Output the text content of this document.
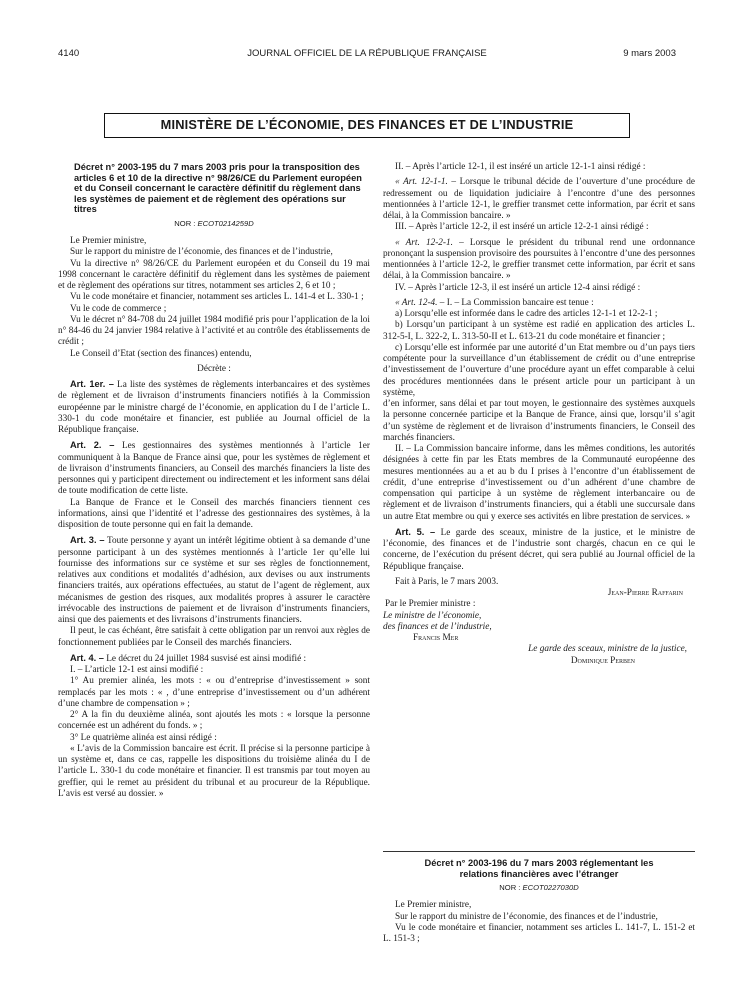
4140	JOURNAL OFFICIEL DE LA RÉPUBLIQUE FRANÇAISE	9 mars 2003
MINISTÈRE DE L’ÉCONOMIE, DES FINANCES ET DE L’INDUSTRIE
Décret n° 2003-195 du 7 mars 2003 pris pour la transposition des articles 6 et 10 de la directive n° 98/26/CE du Parlement européen et du Conseil concernant le caractère définitif du règlement dans les systèmes de paiement et de règlement des opérations sur titres
NOR : ECOT0214259D

Le Premier ministre,

Sur le rapport du ministre de l’économie, des finances et de l’industrie,

Vu la directive n° 98/26/CE du Parlement européen et du Conseil du 19 mai 1998 concernant le caractère définitif du règlement dans les systèmes de paiement et de règlement des opérations sur titres, notamment ses articles 2, 6 et 10 ;

Vu le code monétaire et financier, notamment ses articles L. 141-4 et L. 330-1 ;

Vu le code de commerce ;

Vu le décret n° 84-708 du 24 juillet 1984 modifié pris pour l’application de la loi n° 84-46 du 24 janvier 1984 relative à l’activité et au contrôle des établissements de crédit ;

Le Conseil d’Etat (section des finances) entendu,

Décrète :

Art. 1er. – La liste des systèmes de règlements interbancaires et des systèmes de règlement et de livraison d’instruments financiers notifiés à la Commission européenne par le ministre chargé de l’économie, en application du I de l’article L. 330-1 du code monétaire et financier, est publiée au Journal officiel de la République française.

Art. 2. – Les gestionnaires des systèmes mentionnés à l’article 1er communiquent à la Banque de France ainsi que, pour les systèmes de règlement et de livraison d’instruments financiers, au Conseil des marchés financiers la liste des personnes qui y participent directement ou indirectement et les informent sans délai de toute modification de cette liste.

La Banque de France et le Conseil des marchés financiers tiennent ces informations, ainsi que l’identité et l’adresse des gestionnaires des systèmes, à la disposition de toute personne qui en fait la demande.

Art. 3. – Toute personne y ayant un intérêt légitime obtient à sa demande d’une personne participant à un des systèmes mentionnés à l’article 1er qu’elle lui fournisse des informations sur ce système et sur ses règles de fonctionnement, relatives aux conditions et modalités d’adhésion, aux devises ou aux instruments financiers traités, aux opérations effectuées, au statut de l’agent de règlement, aux mécanismes de gestion des risques, aux modalités propres à assurer le caractère irrévocable des instructions de paiement et de livraison d’instruments financiers, ainsi que des paiements et des livraisons d’instruments financiers.

Il peut, le cas échéant, être satisfait à cette obligation par un renvoi aux règles de fonctionnement publiées par le Conseil des marchés financiers.

Art. 4. – Le décret du 24 juillet 1984 susvisé est ainsi modifié :

I. – L’article 12-1 est ainsi modifié :

1° Au premier alinéa, les mots : « ou d’entreprise d’investissement » sont remplacés par les mots : « , d’une entreprise d’investissement ou d’un adhérent d’une chambre de compensation » ;

2° A la fin du deuxième alinéa, sont ajoutés les mots : « lorsque la personne concernée est un adhérent du fonds. » ;

3° Le quatrième alinéa est ainsi rédigé :

« L’avis de la Commission bancaire est écrit. Il précise si la personne participe à un système et, dans ce cas, rappelle les dispositions du troisième alinéa du I de l’article L. 330-1 du code monétaire et financier. Il est transmis par tout moyen au greffier, qui le remet au président du tribunal et au procureur de la République. L’avis est versé au dossier. »

II. – Après l’article 12-1, il est inséré un article 12-1-1 ainsi rédigé :

« Art. 12-1-1. – Lorsque le tribunal décide de l’ouverture d’une procédure de redressement ou de liquidation judiciaire à l’encontre d’une des personnes mentionnées à l’article 12-1, le greffier transmet cette information, par écrit et sans délai, à la Commission bancaire. »

III. – Après l’article 12-2, il est inséré un article 12-2-1 ainsi rédigé :

« Art. 12-2-1. – Lorsque le président du tribunal rend une ordonnance prononçant la suspension provisoire des poursuites à l’encontre d’une des personnes mentionnées à l’article 12-2, le greffier transmet cette information, par écrit et sans délai, à la Commission bancaire. »

IV. – Après l’article 12-3, il est inséré un article 12-4 ainsi rédigé :

« Art. 12-4. – I. – La Commission bancaire est tenue :

a) Lorsqu’elle est informée dans le cadre des articles 12-1-1 et 12-2-1 ;

b) Lorsqu’un participant à un système est radié en application des articles L. 312-5-I, L. 322-2, L. 313-50-II et L. 613-21 du code monétaire et financier ;

c) Lorsqu’elle est informée par une autorité d’un Etat membre ou d’un pays tiers compétente pour la surveillance d’un établissement de crédit ou d’une entreprise d’investissement de l’ouverture d’une procédure ayant un effet comparable à celui des procédures mentionnées dans le présent article pour un participant à un système,

d’en informer, sans délai et par tout moyen, le gestionnaire des systèmes auxquels la personne concernée participe et la Banque de France, ainsi que, lorsqu’il s’agit d’un système de règlement et de livraison d’instruments financiers, le Conseil des marchés financiers.

II. – La Commission bancaire informe, dans les mêmes conditions, les autorités désignées à cette fin par les Etats membres de la Communauté européenne des mesures mentionnées au a et au b du I prises à l’encontre d’un établissement de crédit, d’une entreprise d’investissement ou d’un adhérent d’une chambre de compensation qui participe à un système de règlement interbancaire ou de règlement et de livraison d’instruments financiers, qui a établi une succursale dans un autre Etat membre ou qui y exerce ses activités en libre prestation de services. »

Art. 5. – Le garde des sceaux, ministre de la justice, et le ministre de l’économie, des finances et de l’industrie sont chargés, chacun en ce qui le concerne, de l’exécution du présent décret, qui sera publié au Journal officiel de la République française.

Fait à Paris, le 7 mars 2003.

Jean-Pierre Raffarin

Par le Premier ministre :

Le ministre de l’économie,

des finances et de l’industrie,

Francis Mer

Le garde des sceaux, ministre de la justice,

Dominique Perben

Décret n° 2003-196 du 7 mars 2003 réglementant les relations financières avec l’étranger
NOR : ECOT0227030D

Le Premier ministre,

Sur le rapport du ministre de l’économie, des finances et de l’industrie,

Vu le code monétaire et financier, notamment ses articles L. 141-7, L. 151-2 et L. 151-3 ;
